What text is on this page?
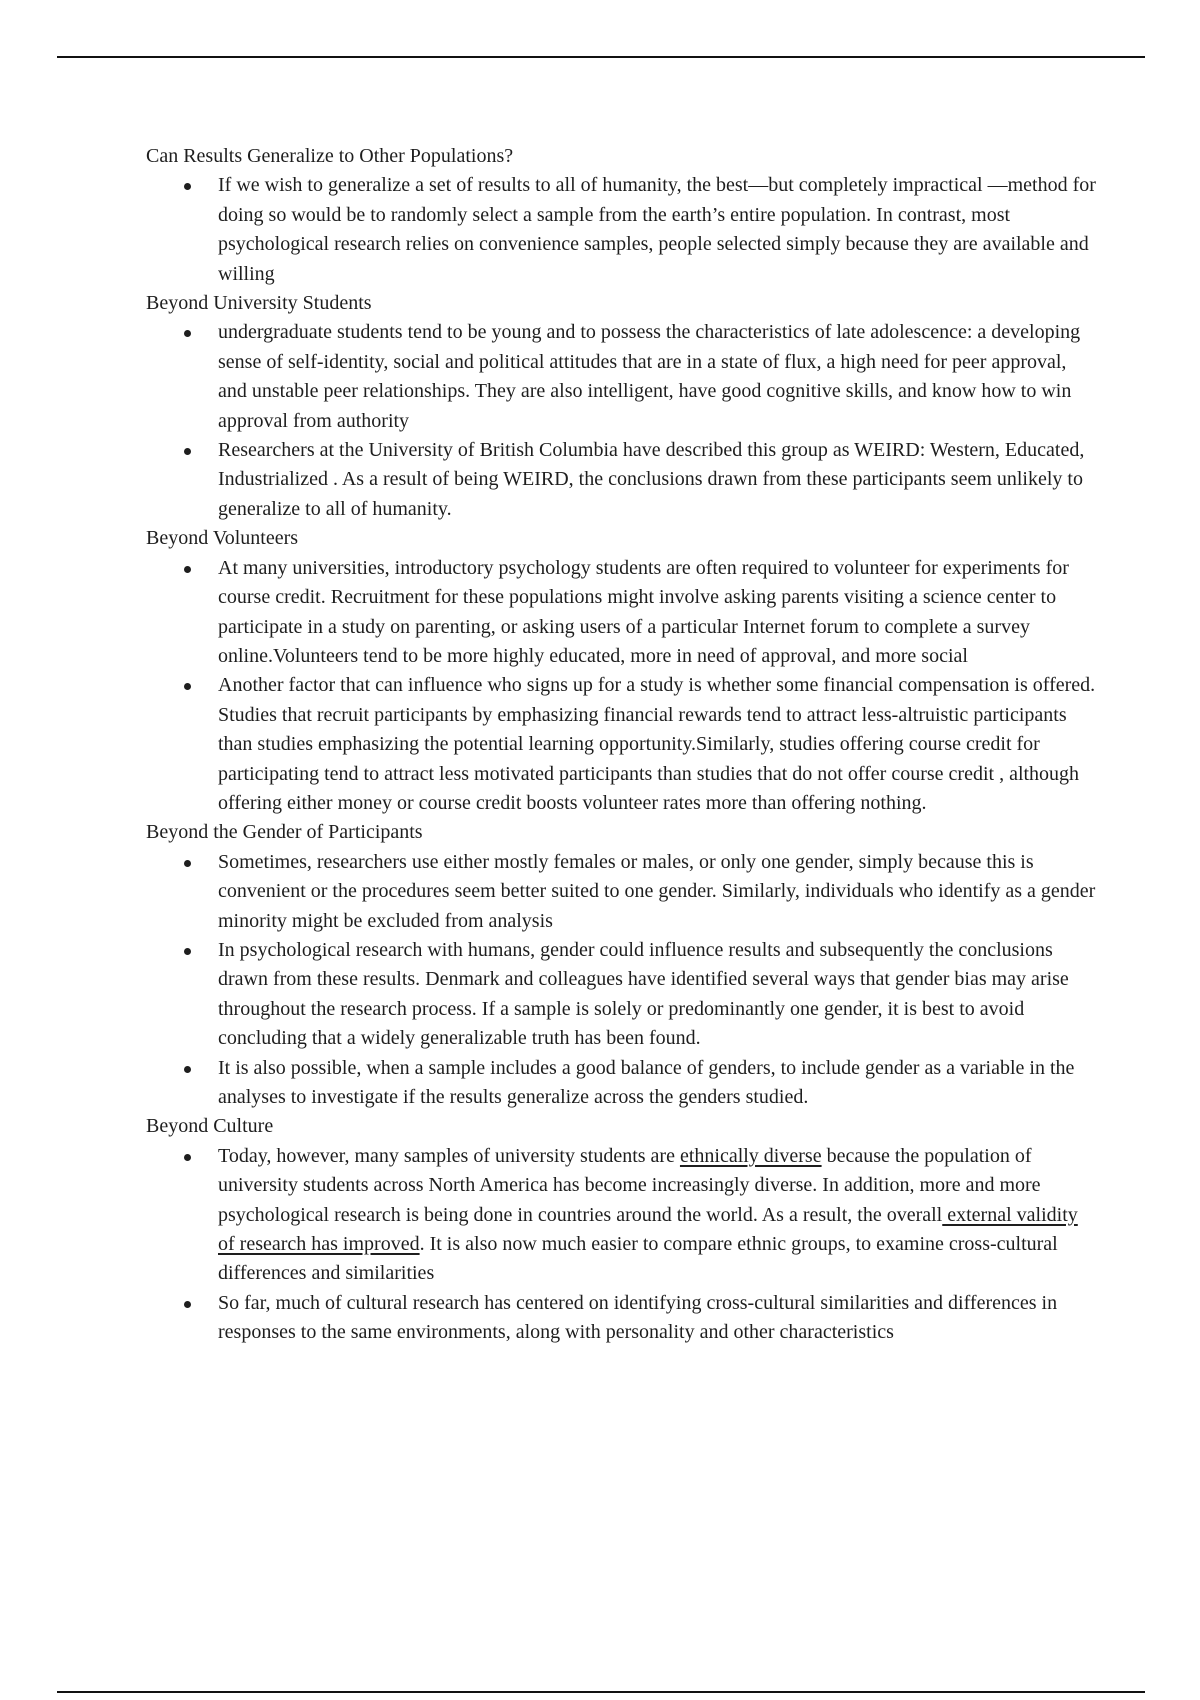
Can Results Generalize to Other Populations?

If we wish to generalize a set of results to all of humanity, the best—but completely impractical —method for doing so would be to randomly select a sample from the earth’s entire population. In contrast, most psychological research relies on convenience samples, people selected simply because they are available and willing

Beyond University Students

undergraduate students tend to be young and to possess the characteristics of late adolescence: a developing sense of self-identity, social and political attitudes that are in a state of flux, a high need for peer approval, and unstable peer relationships. They are also intelligent, have good cognitive skills, and know how to win approval from authority
Researchers at the University of British Columbia have described this group as WEIRD: Western, Educated, Industrialized . As a result of being WEIRD, the conclusions drawn from these participants seem unlikely to generalize to all of humanity.

Beyond Volunteers

At many universities, introductory psychology students are often required to volunteer for experiments for course credit. Recruitment for these populations might involve asking parents visiting a science center to participate in a study on parenting, or asking users of a particular Internet forum to complete a survey online.Volunteers tend to be more highly educated, more in need of approval, and more social
Another factor that can influence who signs up for a study is whether some financial compensation is offered. Studies that recruit participants by emphasizing financial rewards tend to attract less-altruistic participants than studies emphasizing the potential learning opportunity.Similarly, studies offering course credit for participating tend to attract less motivated participants than studies that do not offer course credit , although offering either money or course credit boosts volunteer rates more than offering nothing.

Beyond the Gender of Participants

Sometimes, researchers use either mostly females or males, or only one gender, simply because this is convenient or the procedures seem better suited to one gender. Similarly, individuals who identify as a gender minority might be excluded from analysis
In psychological research with humans, gender could influence results and subsequently the conclusions drawn from these results. Denmark and colleagues have identified several ways that gender bias may arise throughout the research process. If a sample is solely or predominantly one gender, it is best to avoid concluding that a widely generalizable truth has been found.
It is also possible, when a sample includes a good balance of genders, to include gender as a variable in the analyses to investigate if the results generalize across the genders studied.

Beyond Culture

Today, however, many samples of university students are ethnically diverse because the population of university students across North America has become increasingly diverse. In addition, more and more psychological research is being done in countries around the world. As a result, the overall external validity of research has improved. It is also now much easier to compare ethnic groups, to examine cross-cultural differences and similarities
So far, much of cultural research has centered on identifying cross-cultural similarities and differences in responses to the same environments, along with personality and other characteristics
